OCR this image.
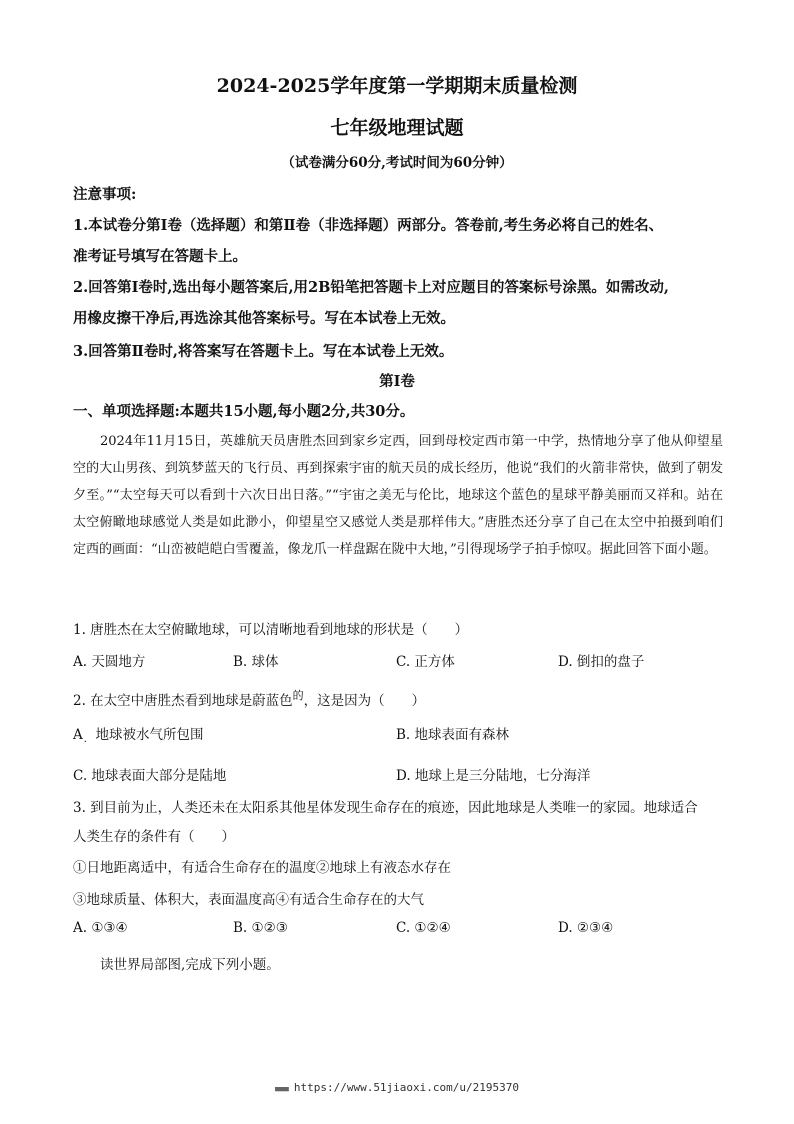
2024-2025学年度第一学期期末质量检测
七年级地理试题
（试卷满分60分,考试时间为60分钟）
注意事项:
1.本试卷分第Ⅰ卷（选择题）和第Ⅱ卷（非选择题）两部分。答卷前,考生务必将自己的姓名、
准考证号填写在答题卡上。
2.回答第I卷时,选出每小题答案后,用2B铅笔把答题卡上对应题目的答案标号涂黑。如需改动,
用橡皮擦干净后,再选涂其他答案标号。写在本试卷上无效。
3.回答第Ⅱ卷时,将答案写在答题卡上。写在本试卷上无效。
第Ⅰ卷
一、单项选择题:本题共15小题,每小题2分,共30分。
2024年11月15日，英雄航天员唐胜杰回到家乡定西，回到母校定西市第一中学，热情地分享了他从仰望星空的大山男孩、到筑梦蓝天的飞行员、再到探索宇宙的航天员的成长经历，他说“我们的火箭非常快，做到了朝发夕至。”“太空每天可以看到十六次日出日落。”“宇宙之美无与伦比，地球这个蓝色的星球平静美丽而又祥和。站在太空俯瞰地球感觉人类是如此渺小，仰望星空又感觉人类是那样伟大。”唐胜杰还分享了自己在太空中拍摄到咱们定西的画面：“山峦被皑皑白雪覆盖，像龙爪一样盘踞在陇中大地，”引得现场学子拍手惊叹。据此回答下面小题。
1. 唐胜杰在太空俯瞰地球，可以清晰地看到地球的形状是（　　）
A. 天圆地方	B. 球体	C. 正方体	D. 倒扣的盘子
2. 在太空中唐胜杰看到地球是蔚蓝色$^的$，这是因为（　　）
$A_\cdot$ 地球被水气所包围	B. 地球表面有森林
C. 地球表面大部分是陆地	D. 地球上是三分陆地，七分海洋
3. 到目前为止，人类还未在太阳系其他星体发现生命存在的痕迹，因此地球是人类唯一的家园。地球适合
人类生存的条件有（　　）
①日地距离适中，有适合生命存在的温度②地球上有液态水存在
③地球质量、体积大，表面温度高④有适合生命存在的大气
A. ①③④	B. ①②③	C. ①②④	D. ②③④
读世界局部图,完成下列小题。
■■■■ https://www.51jiaoxi.com/u/2195370
